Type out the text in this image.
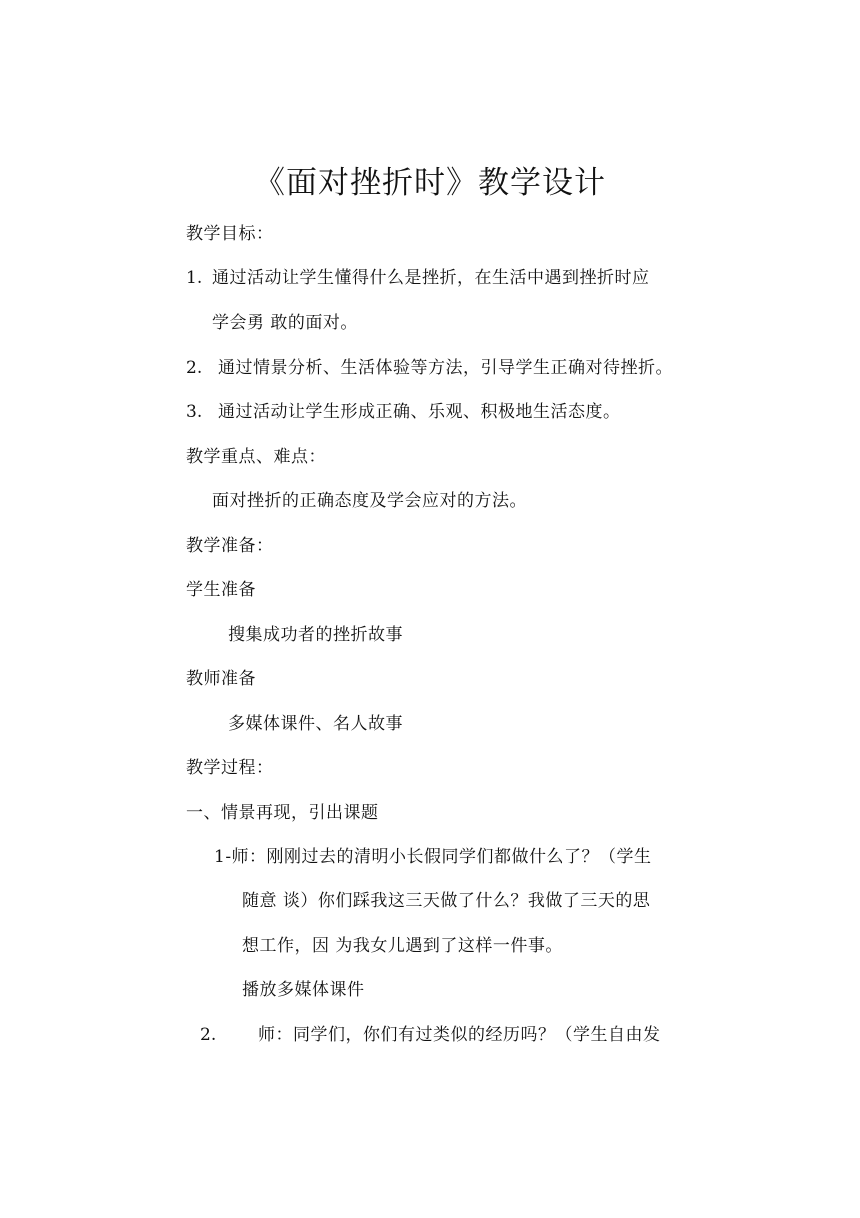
《面对挫折时》教学设计
教学目标：
1. 通过活动让学生懂得什么是挫折，在生活中遇到挫折时应
学会勇 敢的面对。
2. 通过情景分析、生活体验等方法，引导学生正确对待挫折。
3. 通过活动让学生形成正确、乐观、积极地生活态度。
教学重点、难点：
面对挫折的正确态度及学会应对的方法。
教学准备：
学生准备
搜集成功者的挫折故事
教师准备
多媒体课件、名人故事
教学过程：
一、情景再现，引出课题
1-师：刚刚过去的清明小长假同学们都做什么了？（学生
随意 谈）你们踩我这三天做了什么？我做了三天的思
想工作，因 为我女儿遇到了这样一件事。
播放多媒体课件
2. 师：同学们，你们有过类似的经历吗？（学生自由发
